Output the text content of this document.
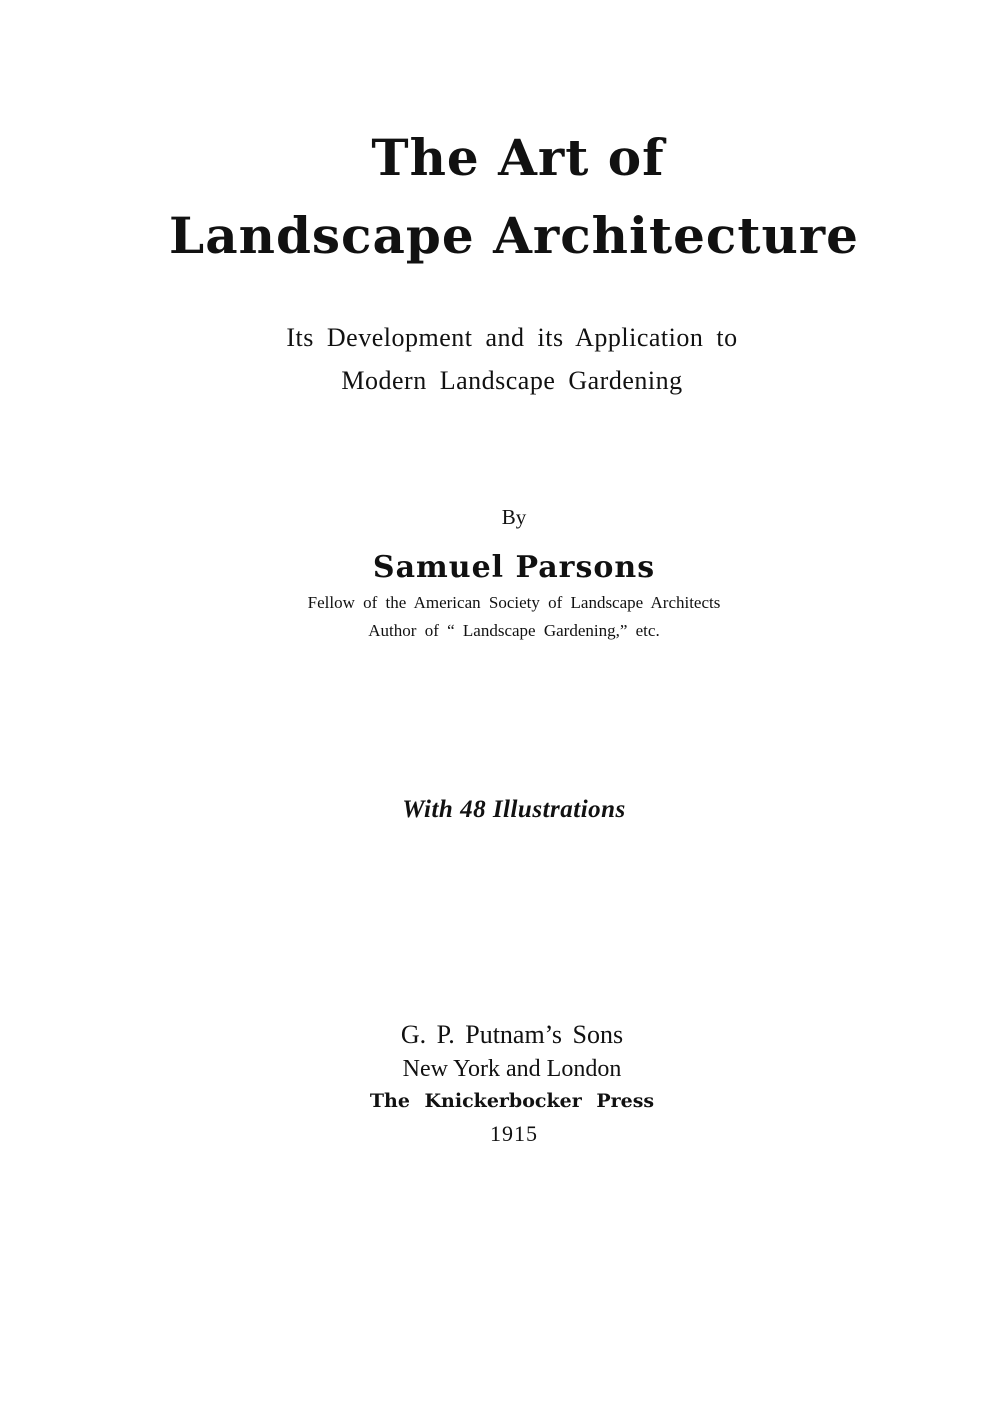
The Art of
Landscape Architecture
Its Development and its Application to
Modern Landscape Gardening
By
Samuel Parsons
Fellow of the American Society of Landscape Architects
Author of “ Landscape Gardening,” etc.
With 48 Illustrations
G. P. Putnam’s Sons
New York and London
The Knickerbocker Press
1915
